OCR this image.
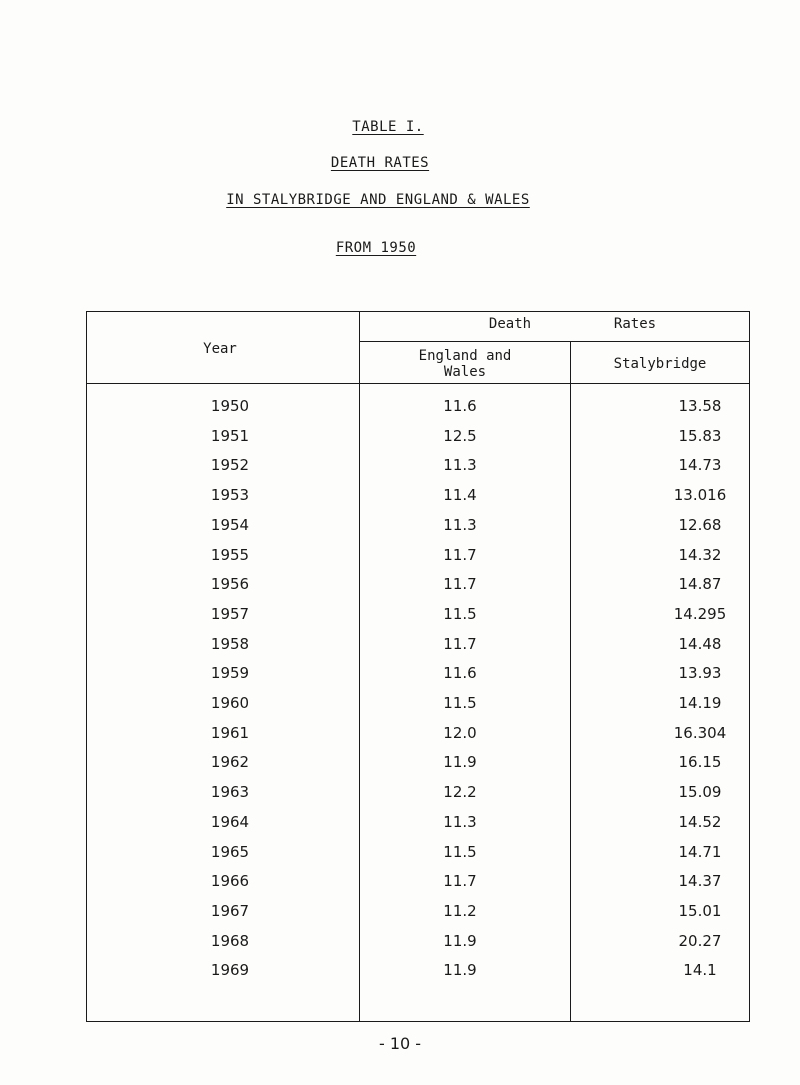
TABLE I.
DEATH RATES
IN STALYBRIDGE AND ENGLAND & WALES
FROM 1950
Year
Death	Rates
England and Wales	Stalybridge
1950	11.6	13.58
1951	12.5	15.83
1952	11.3	14.73
1953	11.4	13.016
1954	11.3	12.68
1955	11.7	14.32
1956	11.7	14.87
1957	11.5	14.295
1958	11.7	14.48
1959	11.6	13.93
1960	11.5	14.19
1961	12.0	16.304
1962	11.9	16.15
1963	12.2	15.09
1964	11.3	14.52
1965	11.5	14.71
1966	11.7	14.37
1967	11.2	15.01
1968	11.9	20.27
1969	11.9	14.1
- 10 -
